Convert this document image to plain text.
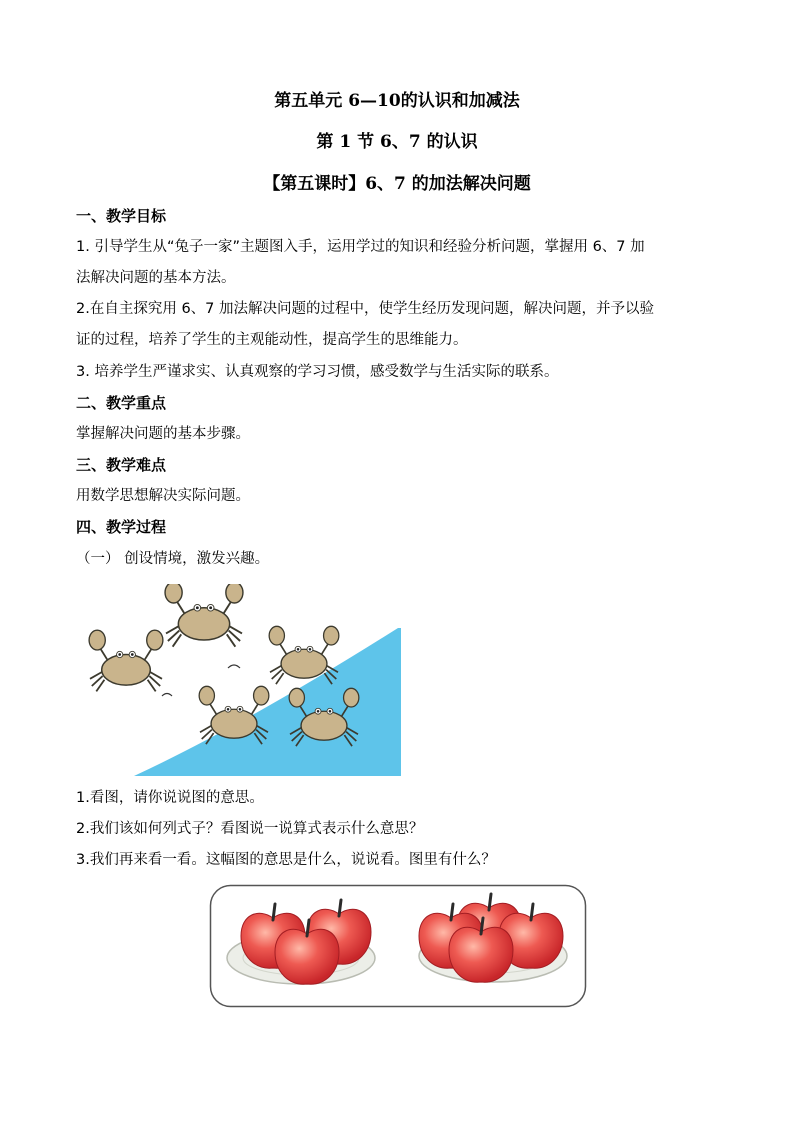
第五单元 6—10的认识和加减法
第 1 节 6、7 的认识
【第五课时】6、7 的加法解决问题
一、教学目标
1. 引导学生从“兔子一家”主题图入手，运用学过的知识和经验分析问题，掌握用 6、7 加
法解决问题的基本方法。
2.在自主探究用 6、7 加法解决问题的过程中，使学生经历发现问题，解决问题，并予以验
证的过程，培养了学生的主观能动性，提高学生的思维能力。
3. 培养学生严谨求实、认真观察的学习习惯，感受数学与生活实际的联系。
二、教学重点
掌握解决问题的基本步骤。
三、教学难点
用数学思想解决实际问题。
四、教学过程
（一） 创设情境，激发兴趣。
1.看图，请你说说图的意思。
2.我们该如何列式子？看图说一说算式表示什么意思？
3.我们再来看一看。这幅图的意思是什么，说说看。图里有什么？
